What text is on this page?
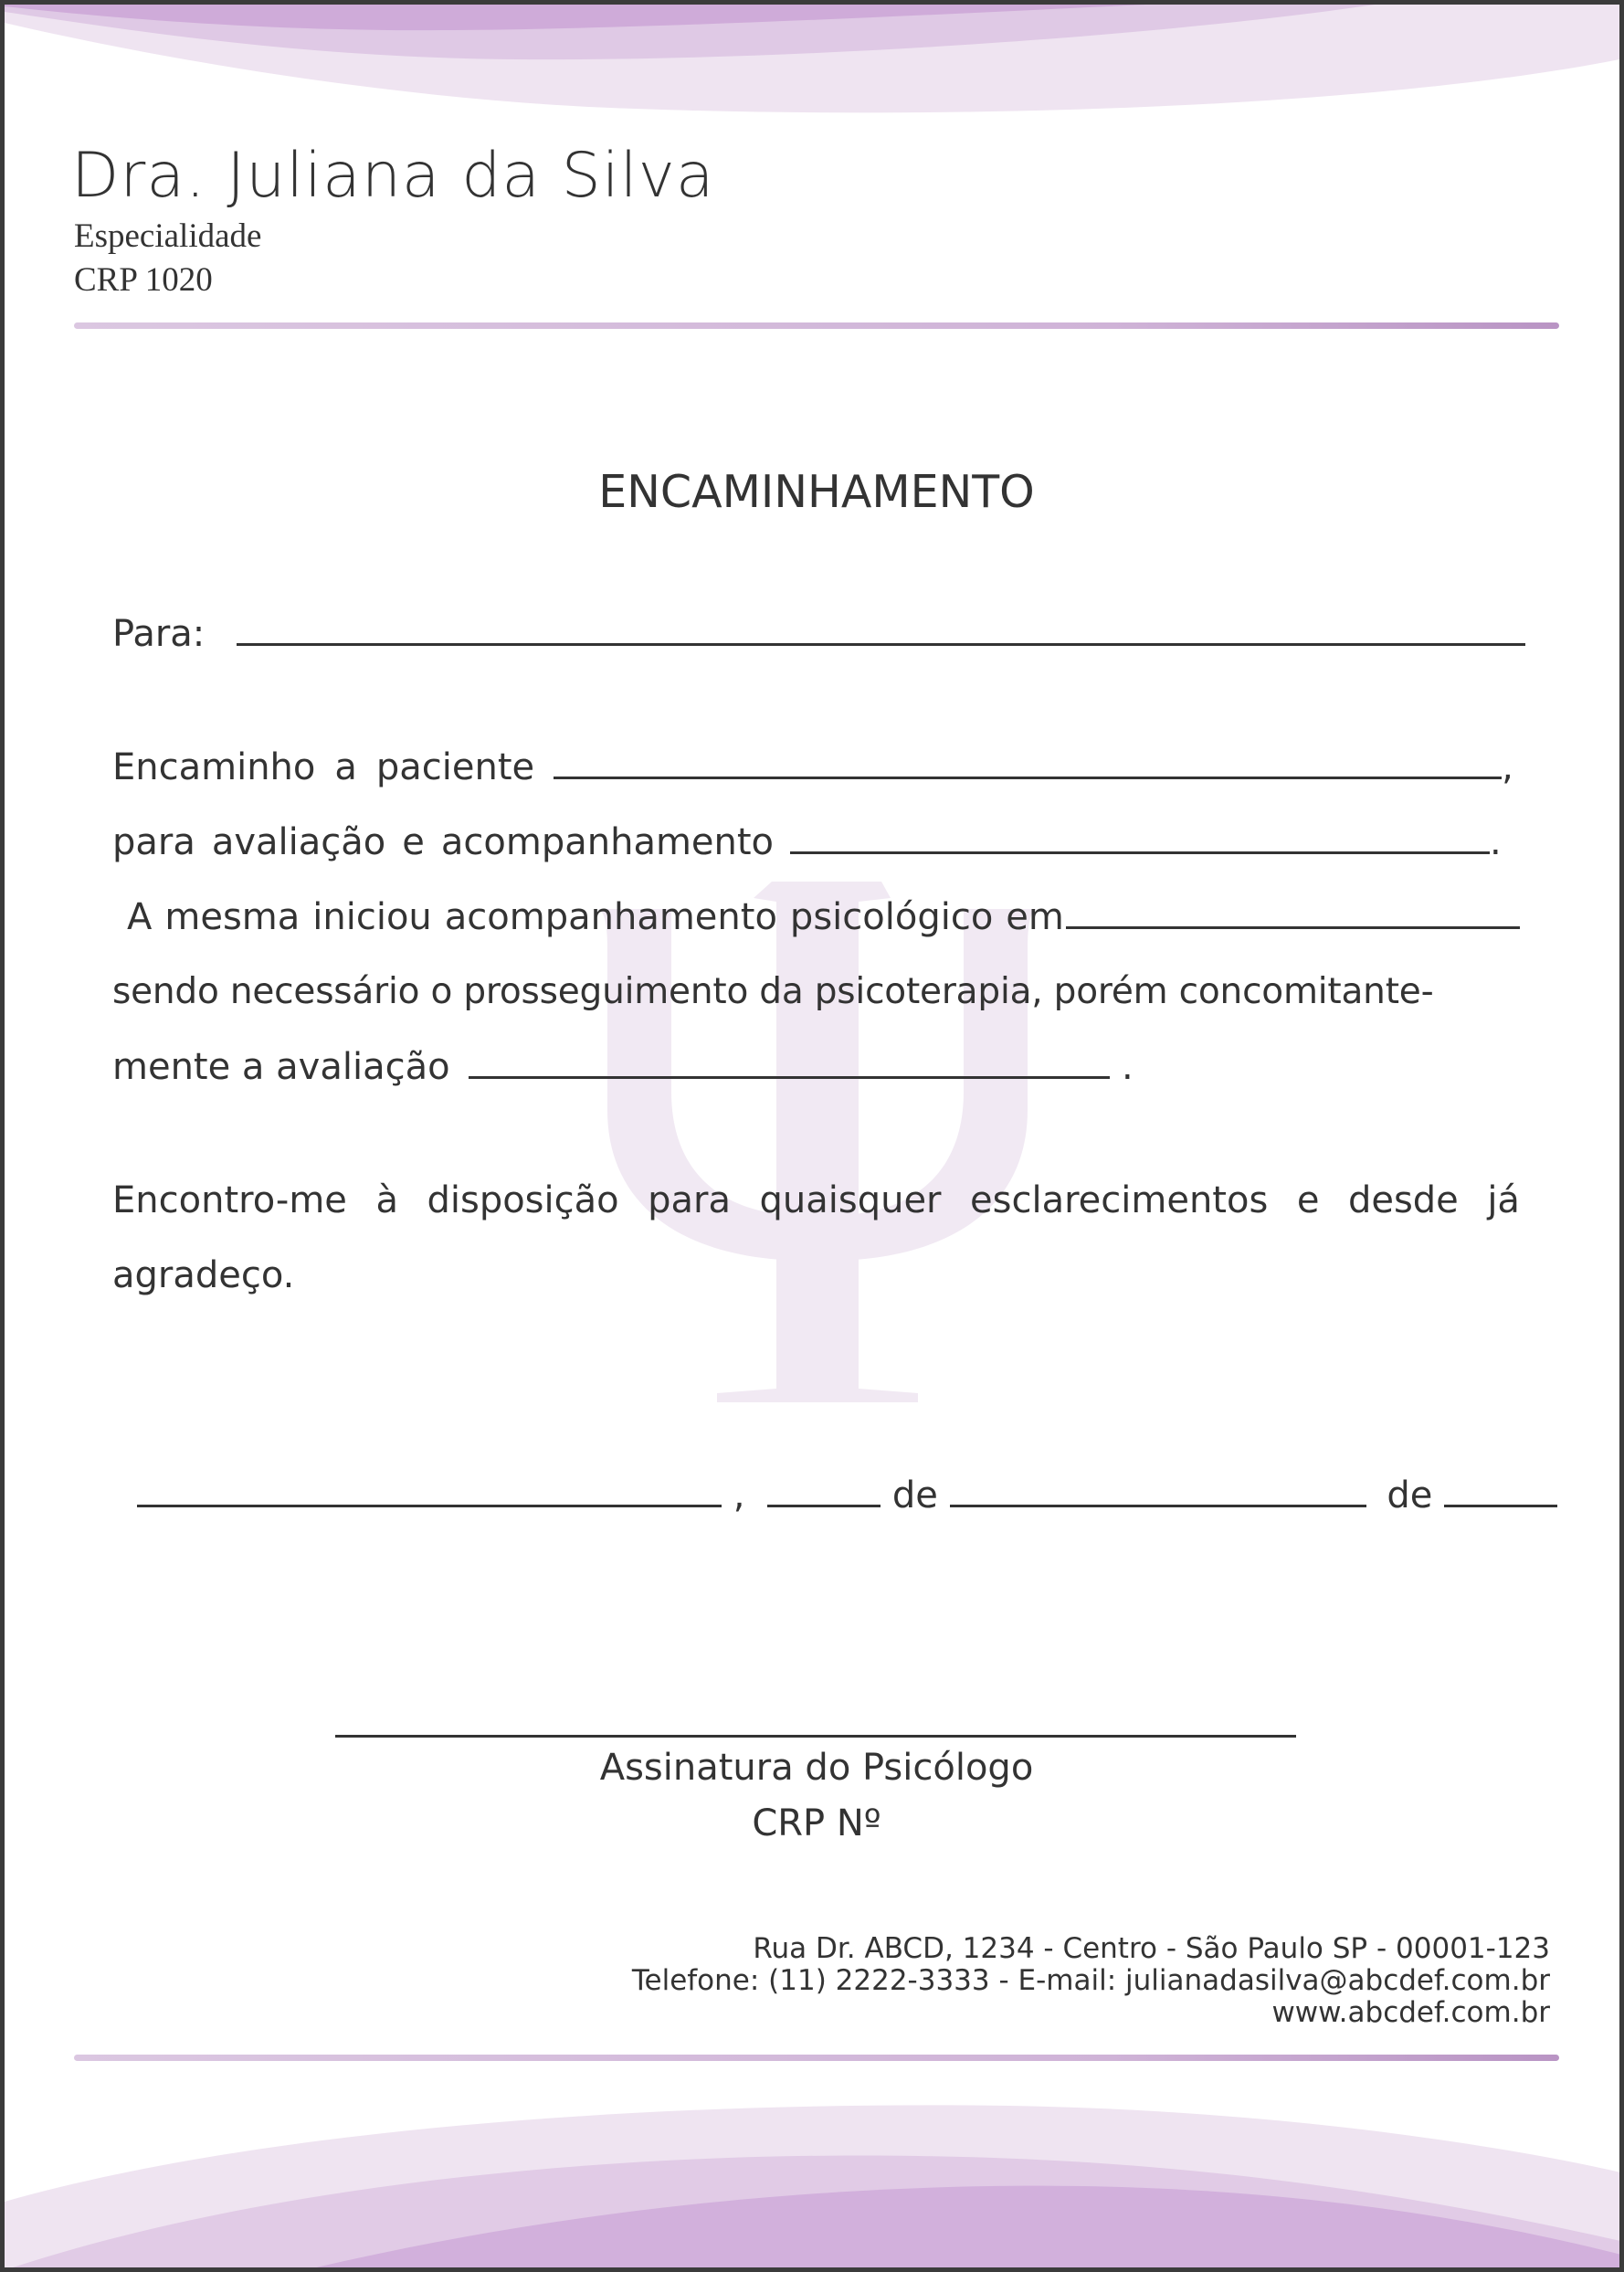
Dra. Juliana da Silva

Especialidade

CRP 1020

ENCAMINHAMENTO
Para:
Encaminho a paciente	,
para avaliação e acompanhamento	.
A mesma iniciou acompanhamento psicológico em
sendo necessário o prosseguimento da psicoterapia, porém concomitante-
mente a avaliação	.
Encontro-me à disposição para quaisquer esclarecimentos e desde já
agradeço.
,	de	de
Assinatura do Psicólogo
CRP Nº
Rua Dr. ABCD, 1234 - Centro - São Paulo SP - 00001-123
Telefone: (11) 2222-3333 - E-mail: julianadasilva@abcdef.com.br
www.abcdef.com.br
